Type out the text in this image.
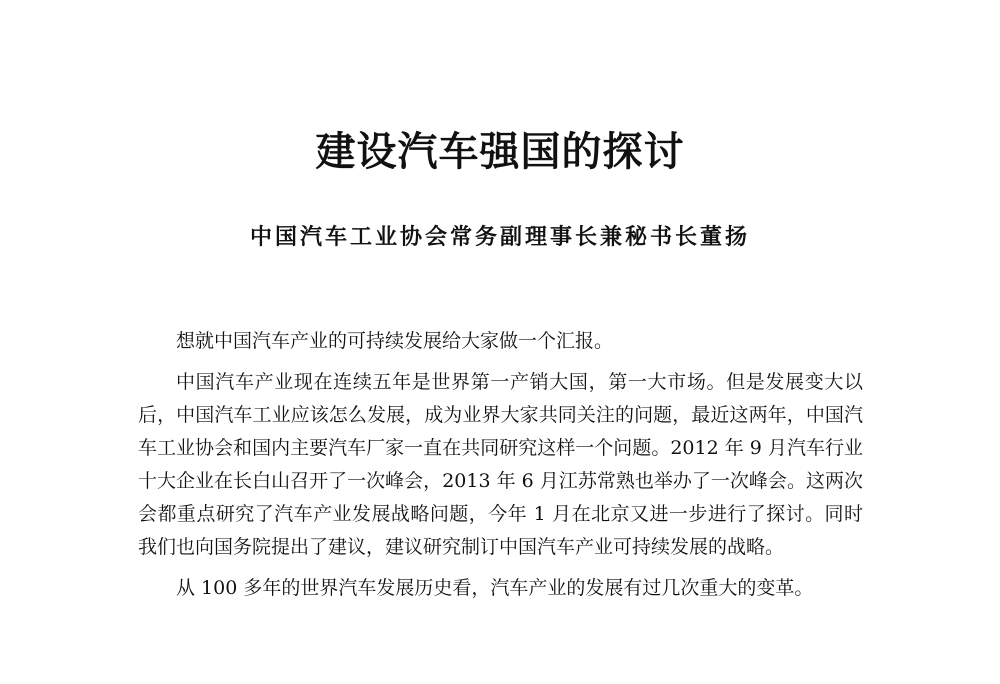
建设汽车强国的探讨
中国汽车工业协会常务副理事长兼秘书长董扬

想就中国汽车产业的可持续发展给大家做一个汇报。

中国汽车产业现在连续五年是世界第一产销大国，第一大市场。但是发展变大以后，中国汽车工业应该怎么发展，成为业界大家共同关注的问题，最近这两年，中国汽车工业协会和国内主要汽车厂家一直在共同研究这样一个问题。2012 年 9 月汽车行业十大企业在长白山召开了一次峰会，2013 年 6 月江苏常熟也举办了一次峰会。这两次会都重点研究了汽车产业发展战略问题，今年 1 月在北京又进一步进行了探讨。同时我们也向国务院提出了建议，建议研究制订中国汽车产业可持续发展的战略。

从 100 多年的世界汽车发展历史看，汽车产业的发展有过几次重大的变革。
